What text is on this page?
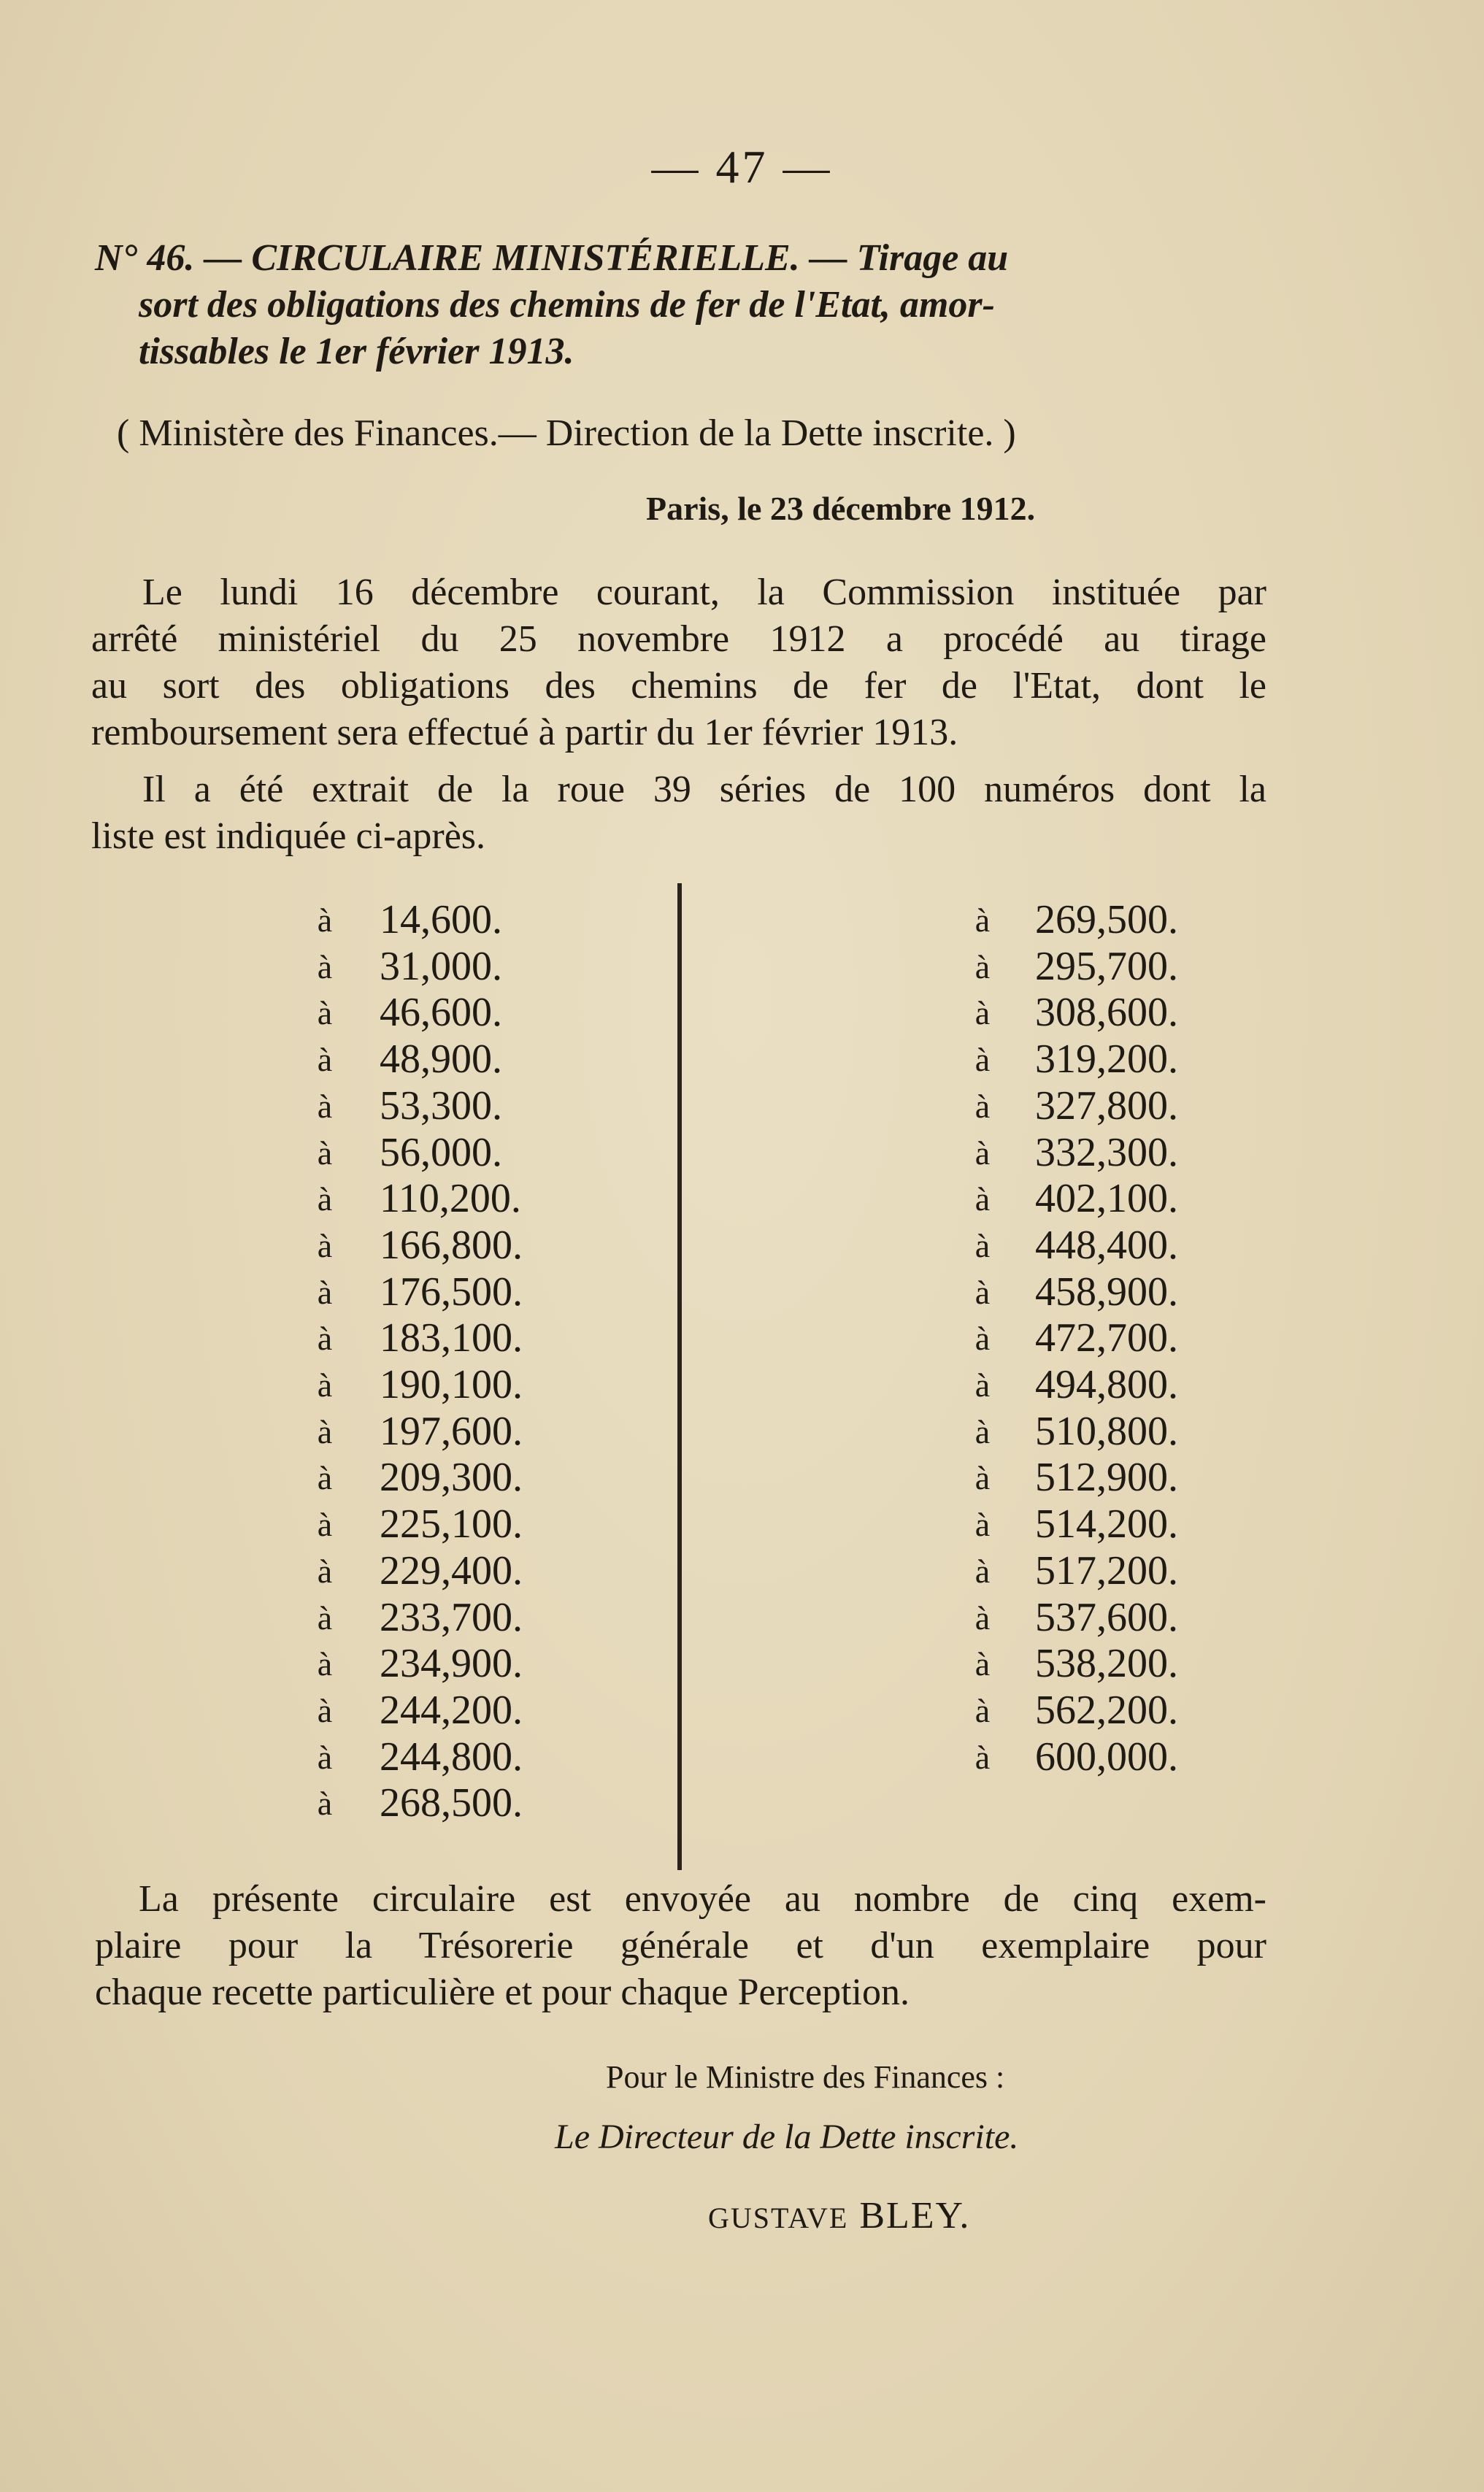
— 47 —
N° 46. — CIRCULAIRE MINISTÉRIELLE. — Tirage au
sort des obligations des chemins de fer de l'Etat, amor-
tissables le 1er février 1913.
( Ministère des Finances.— Direction de la Dette inscrite. )
Paris, le 23 décembre 1912.
Le lundi 16 décembre courant, la Commission instituée par
arrêté ministériel du 25 novembre 1912 a procédé au tirage
au sort des obligations des chemins de fer de l'Etat, dont le
remboursement sera effectué à partir du 1er février 1913.
Il a été extrait de la roue 39 séries de 100 numéros dont la
liste est indiquée ci-après.
à 14,600.
à 31,000.
à 46,600.
à 48,900.
à 53,300.
à 56,000.
à 110,200.
à 166,800.
à 176,500.
à 183,100.
à 190,100.
à 197,600.
à 209,300.
à 225,100.
à 229,400.
à 233,700.
à 234,900.
à 244,200.
à 244,800.
à 268,500.
à 269,500.
à 295,700.
à 308,600.
à 319,200.
à 327,800.
à 332,300.
à 402,100.
à 448,400.
à 458,900.
à 472,700.
à 494,800.
à 510,800.
à 512,900.
à 514,200.
à 517,200.
à 537,600.
à 538,200.
à 562,200.
à 600,000.
La présente circulaire est envoyée au nombre de cinq exem-
plaire pour la Trésorerie générale et d'un exemplaire pour
chaque recette particulière et pour chaque Perception.
Pour le Ministre des Finances :
Le Directeur de la Dette inscrite.
GUSTAVE BLEY.
